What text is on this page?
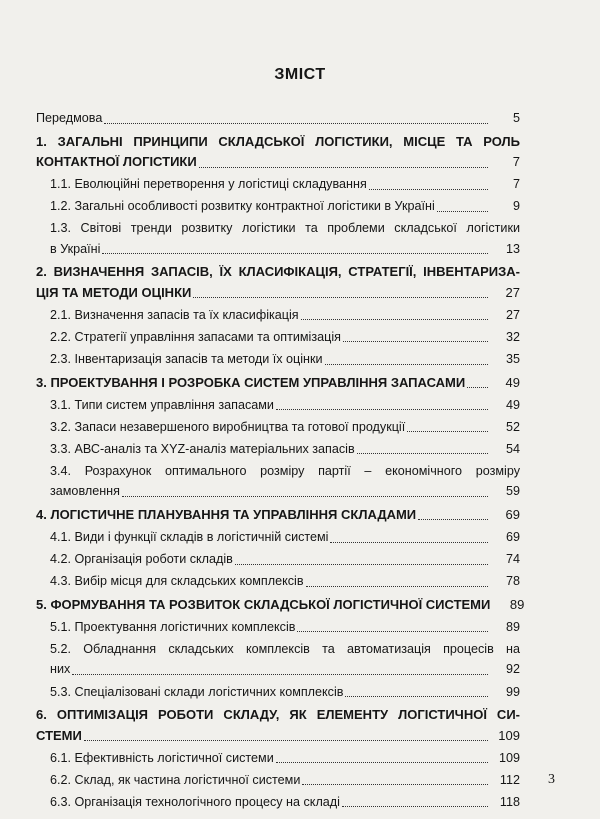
ЗМІСТ
Передмова	5
1. ЗАГАЛЬНІ ПРИНЦИПИ СКЛАДСЬКОЇ ЛОГІСТИКИ, МІСЦЕ ТА РОЛЬ
КОНТАКТНОЇ ЛОГІСТИКИ	7
1.1. Еволюційні перетворення у логістиці складування	7
1.2. Загальні особливості розвитку контрактної логістики в Україні	9
1.3. Світові тренди розвитку логістики та проблеми складської логістики
в Україні	13
2. ВИЗНАЧЕННЯ ЗАПАСІВ, ЇХ КЛАСИФІКАЦІЯ, СТРАТЕГІЇ, ІНВЕНТАРИЗА-
ЦІЯ ТА МЕТОДИ ОЦІНКИ	27
2.1. Визначення запасів та їх класифікація	27
2.2. Стратегії управління запасами та оптимізація	32
2.3. Інвентаризація запасів та методи їх оцінки	35
3. ПРОЕКТУВАННЯ І РОЗРОБКА СИСТЕМ УПРАВЛІННЯ ЗАПАСАМИ	49
3.1. Типи систем управління запасами	49
3.2. Запаси незавершеного виробництва та готової продукції	52
3.3. АВС-аналіз та XYZ-аналіз матеріальних запасів	54
3.4. Розрахунок оптимального розміру партії – економічного розміру
замовлення	59
4. ЛОГІСТИЧНЕ ПЛАНУВАННЯ ТА УПРАВЛІННЯ СКЛАДАМИ	69
4.1. Види і функції складів в логістичній системі	69
4.2. Організація роботи складів	74
4.3. Вибір місця для складських комплексів	78
5. ФОРМУВАННЯ ТА РОЗВИТОК СКЛАДСЬКОЇ ЛОГІСТИЧНОЇ СИСТЕМИ	89
5.1. Проектування логістичних комплексів	89
5.2. Обладнання складських комплексів та автоматизація процесів на
них	92
5.3. Спеціалізовані склади логістичних комплексів	99
6. ОПТИМІЗАЦІЯ РОБОТИ СКЛАДУ, ЯК ЕЛЕМЕНТУ ЛОГІСТИЧНОЇ СИ-
СТЕМИ	109
6.1. Ефективність логістичної системи	109
6.2. Склад, як частина логістичної системи	112
6.3. Організація технологічного процесу на складі	118
3
